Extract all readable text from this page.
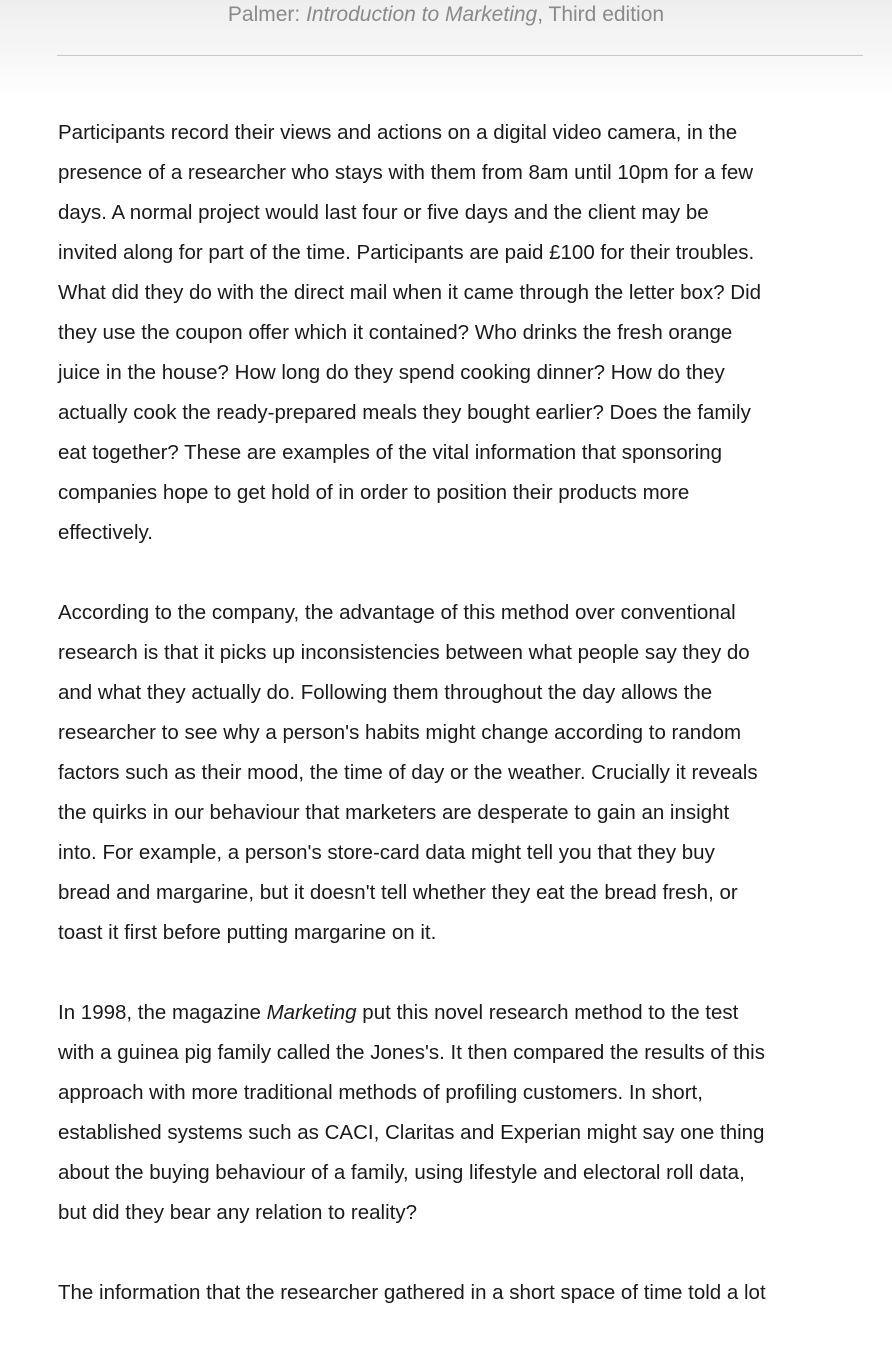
Palmer: Introduction to Marketing, Third edition

Participants record their views and actions on a digital video camera, in the
presence of a researcher who stays with them from 8am until 10pm for a few
days. A normal project would last four or five days and the client may be
invited along for part of the time. Participants are paid £100 for their troubles.
What did they do with the direct mail when it came through the letter box? Did
they use the coupon offer which it contained? Who drinks the fresh orange
juice in the house? How long do they spend cooking dinner? How do they
actually cook the ready-prepared meals they bought earlier? Does the family
eat together? These are examples of the vital information that sponsoring
companies hope to get hold of in order to position their products more
effectively.

According to the company, the advantage of this method over conventional
research is that it picks up inconsistencies between what people say they do
and what they actually do. Following them throughout the day allows the
researcher to see why a person's habits might change according to random
factors such as their mood, the time of day or the weather. Crucially it reveals
the quirks in our behaviour that marketers are desperate to gain an insight
into. For example, a person's store-card data might tell you that they buy
bread and margarine, but it doesn't tell whether they eat the bread fresh, or
toast it first before putting margarine on it.

In 1998, the magazine Marketing put this novel research method to the test
with a guinea pig family called the Jones's. It then compared the results of this
approach with more traditional methods of profiling customers. In short,
established systems such as CACI, Claritas and Experian might say one thing
about the buying behaviour of a family, using lifestyle and electoral roll data,
but did they bear any relation to reality?

The information that the researcher gathered in a short space of time told a lot
